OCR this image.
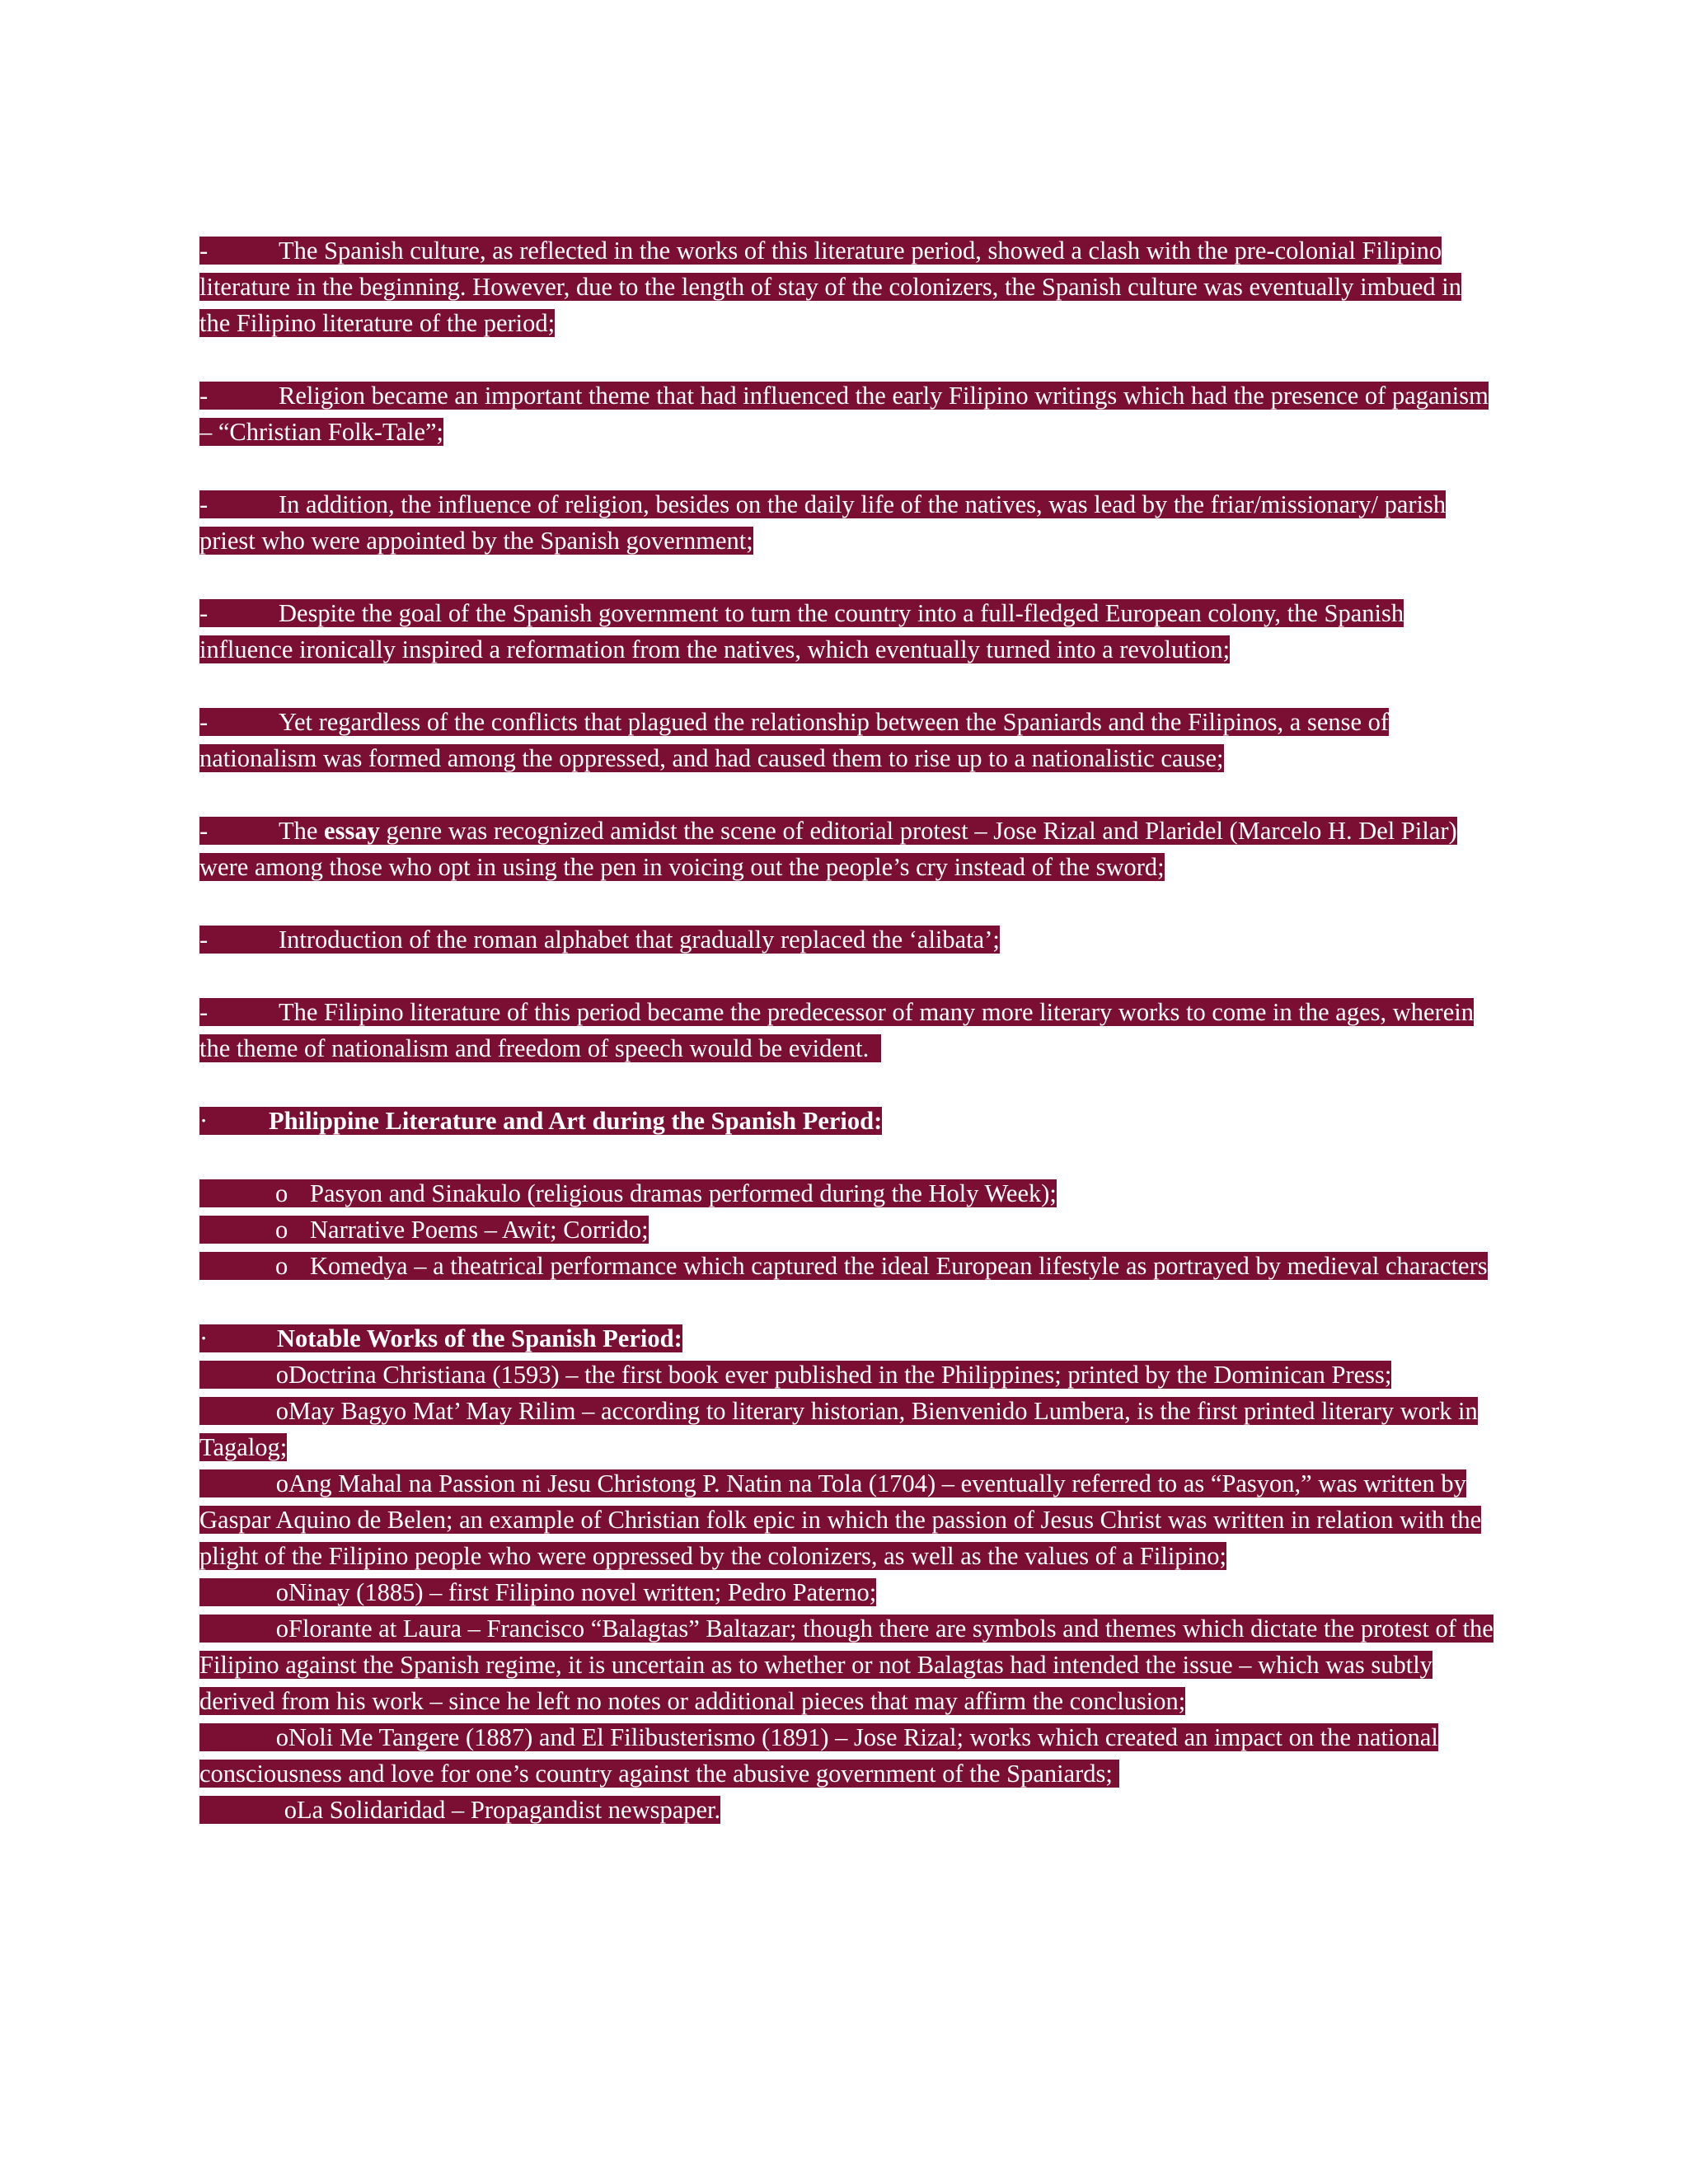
-	The Spanish culture, as reflected in the works of this literature period, showed a clash with the pre-colonial Filipino literature in the beginning. However, due to the length of stay of the colonizers, the Spanish culture was eventually imbued in the Filipino literature of the period;

-	Religion became an important theme that had influenced the early Filipino writings which had the presence of paganism – “Christian Folk-Tale”;

-	In addition, the influence of religion, besides on the daily life of the natives, was lead by the friar/missionary/ parish priest who were appointed by the Spanish government;

-	Despite the goal of the Spanish government to turn the country into a full-fledged European colony, the Spanish influence ironically inspired a reformation from the natives, which eventually turned into a revolution;

-	Yet regardless of the conflicts that plagued the relationship between the Spaniards and the Filipinos, a sense of nationalism was formed among the oppressed, and had caused them to rise up to a nationalistic cause;

-	The essay genre was recognized amidst the scene of editorial protest – Jose Rizal and Plaridel (Marcelo H. Del Pilar) were among those who opt in using the pen in voicing out the people’s cry instead of the sword;

-	Introduction of the roman alphabet that gradually replaced the ‘alibata’;

-	The Filipino literature of this period became the predecessor of many more literary works to come in the ages, wherein the theme of nationalism and freedom of speech would be evident.

· Philippine Literature and Art during the Spanish Period:

o Pasyon and Sinakulo (religious dramas performed during the Holy Week);

o Narrative Poems – Awit; Corrido;

o Komedya – a theatrical performance which captured the ideal European lifestyle as portrayed by medieval characters

·	Notable Works of the Spanish Period:

oDoctrina Christiana (1593) – the first book ever published in the Philippines; printed by the Dominican Press;

oMay Bagyo Mat’ May Rilim – according to literary historian, Bienvenido Lumbera, is the first printed literary work in Tagalog;

oAng Mahal na Passion ni Jesu Christong P. Natin na Tola (1704) – eventually referred to as “Pasyon,” was written by Gaspar Aquino de Belen; an example of Christian folk epic in which the passion of Jesus Christ was written in relation with the plight of the Filipino people who were oppressed by the colonizers, as well as the values of a Filipino;

oNinay (1885) – first Filipino novel written; Pedro Paterno;

oFlorante at Laura – Francisco “Balagtas” Baltazar; though there are symbols and themes which dictate the protest of the Filipino against the Spanish regime, it is uncertain as to whether or not Balagtas had intended the issue – which was subtly derived from his work – since he left no notes or additional pieces that may affirm the conclusion;

oNoli Me Tangere (1887) and El Filibusterismo (1891) – Jose Rizal; works which created an impact on the national consciousness and love for one’s country against the abusive government of the Spaniards;

oLa Solidaridad – Propagandist newspaper.
